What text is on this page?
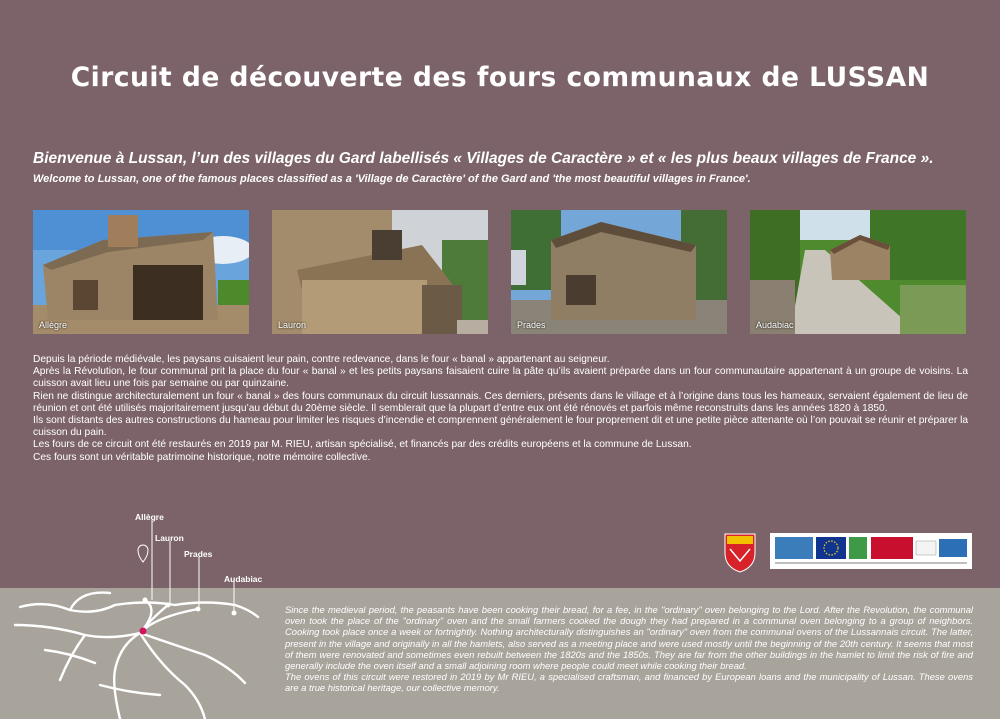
Circuit de découverte des fours communaux de LUSSAN
Bienvenue à Lussan, l’un des villages du Gard labellisés « Villages de Caractère » et « les plus beaux villages de France ».
Welcome to Lussan, one of the famous places classified as a 'Village de Caractère' of the Gard and 'the most beautiful villages in France'.
Allègre	Lauron	Prades	Audabiac

Depuis la période médiévale, les paysans cuisaient leur pain, contre redevance, dans le four « banal » appartenant au seigneur.

Après la Révolution, le four communal prit la place du four « banal » et les petits paysans faisaient cuire la pâte qu’ils avaient préparée dans un four communautaire appartenant à un groupe de voisins. La cuisson avait lieu une fois par semaine ou par quinzaine.

Rien ne distingue architecturalement un four « banal » des fours communaux du circuit lussannais. Ces derniers, présents dans le village et à l’origine dans tous les hameaux, servaient également de lieu de réunion et ont été utilisés majoritairement jusqu’au début du 20ème siècle. Il semblerait que la plupart d’entre eux ont été rénovés et parfois même reconstruits dans les années 1820 à 1850.

Ils sont distants des autres constructions du hameau pour limiter les risques d’incendie et comprennent généralement le four proprement dit et une petite pièce attenante où l’on pouvait se réunir et préparer la cuisson du pain.

Les fours de ce circuit ont été restaurés en 2019 par M. RIEU, artisan spécialisé, et financés par des crédits européens et la commune de Lussan.

Ces fours sont un véritable patrimoine historique, notre mémoire collective.

Allègre
Lauron
Prades
Audabiac

Since the medieval period, the peasants have been cooking their bread, for a fee, in the "ordinary" oven belonging to the Lord. After the Revolution, the communal oven took the place of the "ordinary" oven and the small farmers cooked the dough they had prepared in a communal oven belonging to a group of neighbors. Cooking took place once a week or fortnightly. Nothing architecturally distinguishes an "ordinary" oven from the communal ovens of the Lussannais circuit. The latter, present in the village and originally in all the hamlets, also served as a meeting place and were used mostly until the beginning of the 20th century. It seems that most of them were renovated and sometimes even rebuilt between the 1820s and the 1850s. They are far from the other buildings in the hamlet to limit the risk of fire and generally include the oven itself and a small adjoining room where people could meet while cooking their bread.

The ovens of this circuit were restored in 2019 by Mr RIEU, a specialised craftsman, and financed by European loans and the municipality of Lussan. These ovens are a true historical heritage, our collective memory.
